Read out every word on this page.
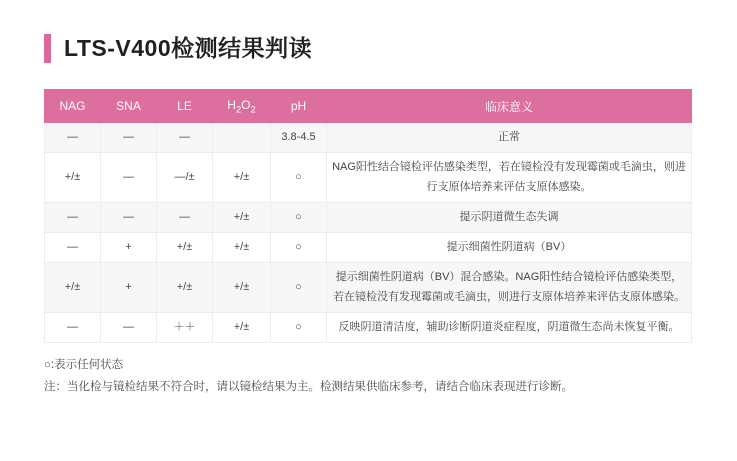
LTS-V400检测结果判读
NAG	SNA	LE	$H_2O_2$	pH	临床意义
—	—	—		3.8-4.5	正常
+/±	—	—/±	+/±	○	NAG阳性结合镜检评估感染类型，若在镜检没有发现霉菌或毛滴虫，则进行支原体培养来评估支原体感染。
—	—	—	+/±	○	提示阴道微生态失调
—	+	+/±	+/±	○	提示细菌性阴道病（BV）
+/±	+	+/±	+/±	○	提示细菌性阴道病（BV）混合感染。NAG阳性结合镜检评估感染类型，若在镜检没有发现霉菌或毛滴虫，则进行支原体培养来评估支原体感染。
—	—	＋＋	+/±	○	反映阴道清洁度，辅助诊断阴道炎症程度，阴道微生态尚未恢复平衡。
○:表示任何状态
注：当化检与镜检结果不符合时，请以镜检结果为主。检测结果供临床参考，请结合临床表现进行诊断。
